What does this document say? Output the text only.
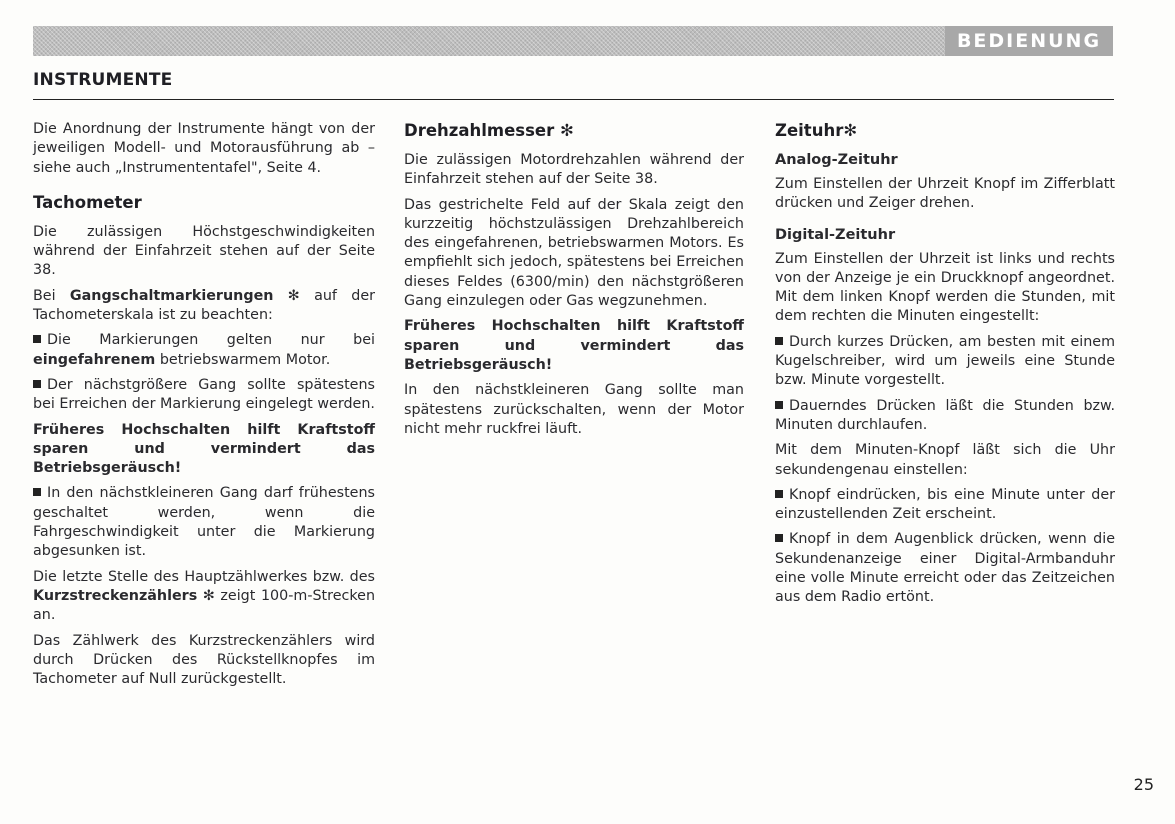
BEDIENUNG
INSTRUMENTE

Die Anordnung der Instrumente hängt von der jeweiligen Modell- und Motorausführung ab – siehe auch „Instrumententafel", Seite 4.

Tachometer

Die zulässigen Höchstgeschwindigkeiten während der Einfahrzeit stehen auf der Seite 38.

Bei Gangschaltmarkierungen ✻ auf der Tachometerskala ist zu beachten:

Die Markierungen gelten nur bei eingefahrenem betriebswarmem Motor.

Der nächstgrößere Gang sollte spätestens bei Erreichen der Markierung eingelegt werden.

Früheres Hochschalten hilft Kraftstoff sparen und vermindert das Betriebsgeräusch!

In den nächstkleineren Gang darf frühestens geschaltet werden, wenn die Fahrgeschwindigkeit unter die Markierung abgesunken ist.

Die letzte Stelle des Hauptzählwerkes bzw. des Kurzstreckenzählers ✻ zeigt 100-m-Strecken an.

Das Zählwerk des Kurzstreckenzählers wird durch Drücken des Rückstellknopfes im Tachometer auf Null zurückgestellt.

Drehzahlmesser ✻

Die zulässigen Motordrehzahlen während der Einfahrzeit stehen auf der Seite 38.

Das gestrichelte Feld auf der Skala zeigt den kurzzeitig höchstzulässigen Drehzahlbereich des eingefahrenen, betriebswarmen Motors. Es empfiehlt sich jedoch, spätestens bei Erreichen dieses Feldes (6300/min) den nächstgrößeren Gang einzulegen oder Gas wegzunehmen.

Früheres Hochschalten hilft Kraftstoff sparen und vermindert das Betriebsgeräusch!

In den nächstkleineren Gang sollte man spätestens zurückschalten, wenn der Motor nicht mehr ruckfrei läuft.

Zeituhr✻
Analog-Zeituhr

Zum Einstellen der Uhrzeit Knopf im Zifferblatt drücken und Zeiger drehen.

Digital-Zeituhr

Zum Einstellen der Uhrzeit ist links und rechts von der Anzeige je ein Druckknopf angeordnet. Mit dem linken Knopf werden die Stunden, mit dem rechten die Minuten eingestellt:

Durch kurzes Drücken, am besten mit einem Kugelschreiber, wird um jeweils eine Stunde bzw. Minute vorgestellt.

Dauerndes Drücken läßt die Stunden bzw. Minuten durchlaufen.

Mit dem Minuten-Knopf läßt sich die Uhr sekundengenau einstellen:

Knopf eindrücken, bis eine Minute unter der einzustellenden Zeit erscheint.

Knopf in dem Augenblick drücken, wenn die Sekundenanzeige einer Digital-Armbanduhr eine volle Minute erreicht oder das Zeitzeichen aus dem Radio ertönt.

25
